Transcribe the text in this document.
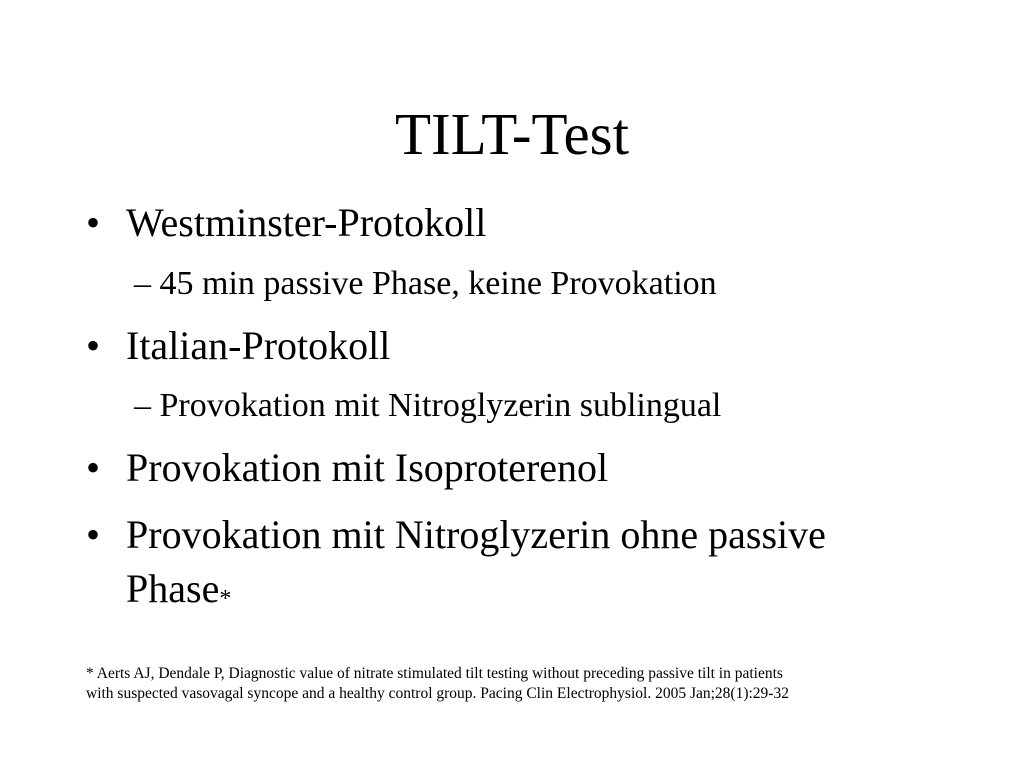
TILT-Test
• Westminster-Protokoll
– 45 min passive Phase, keine Provokation
• Italian-Protokoll
– Provokation mit Nitroglyzerin sublingual
• Provokation mit Isoproterenol
• Provokation mit Nitroglyzerin ohne passive
Phase*
* Aerts AJ, Dendale P, Diagnostic value of nitrate stimulated tilt testing without preceding passive tilt in patients
with suspected vasovagal syncope and a healthy control group. Pacing Clin Electrophysiol. 2005 Jan;28(1):29-32
